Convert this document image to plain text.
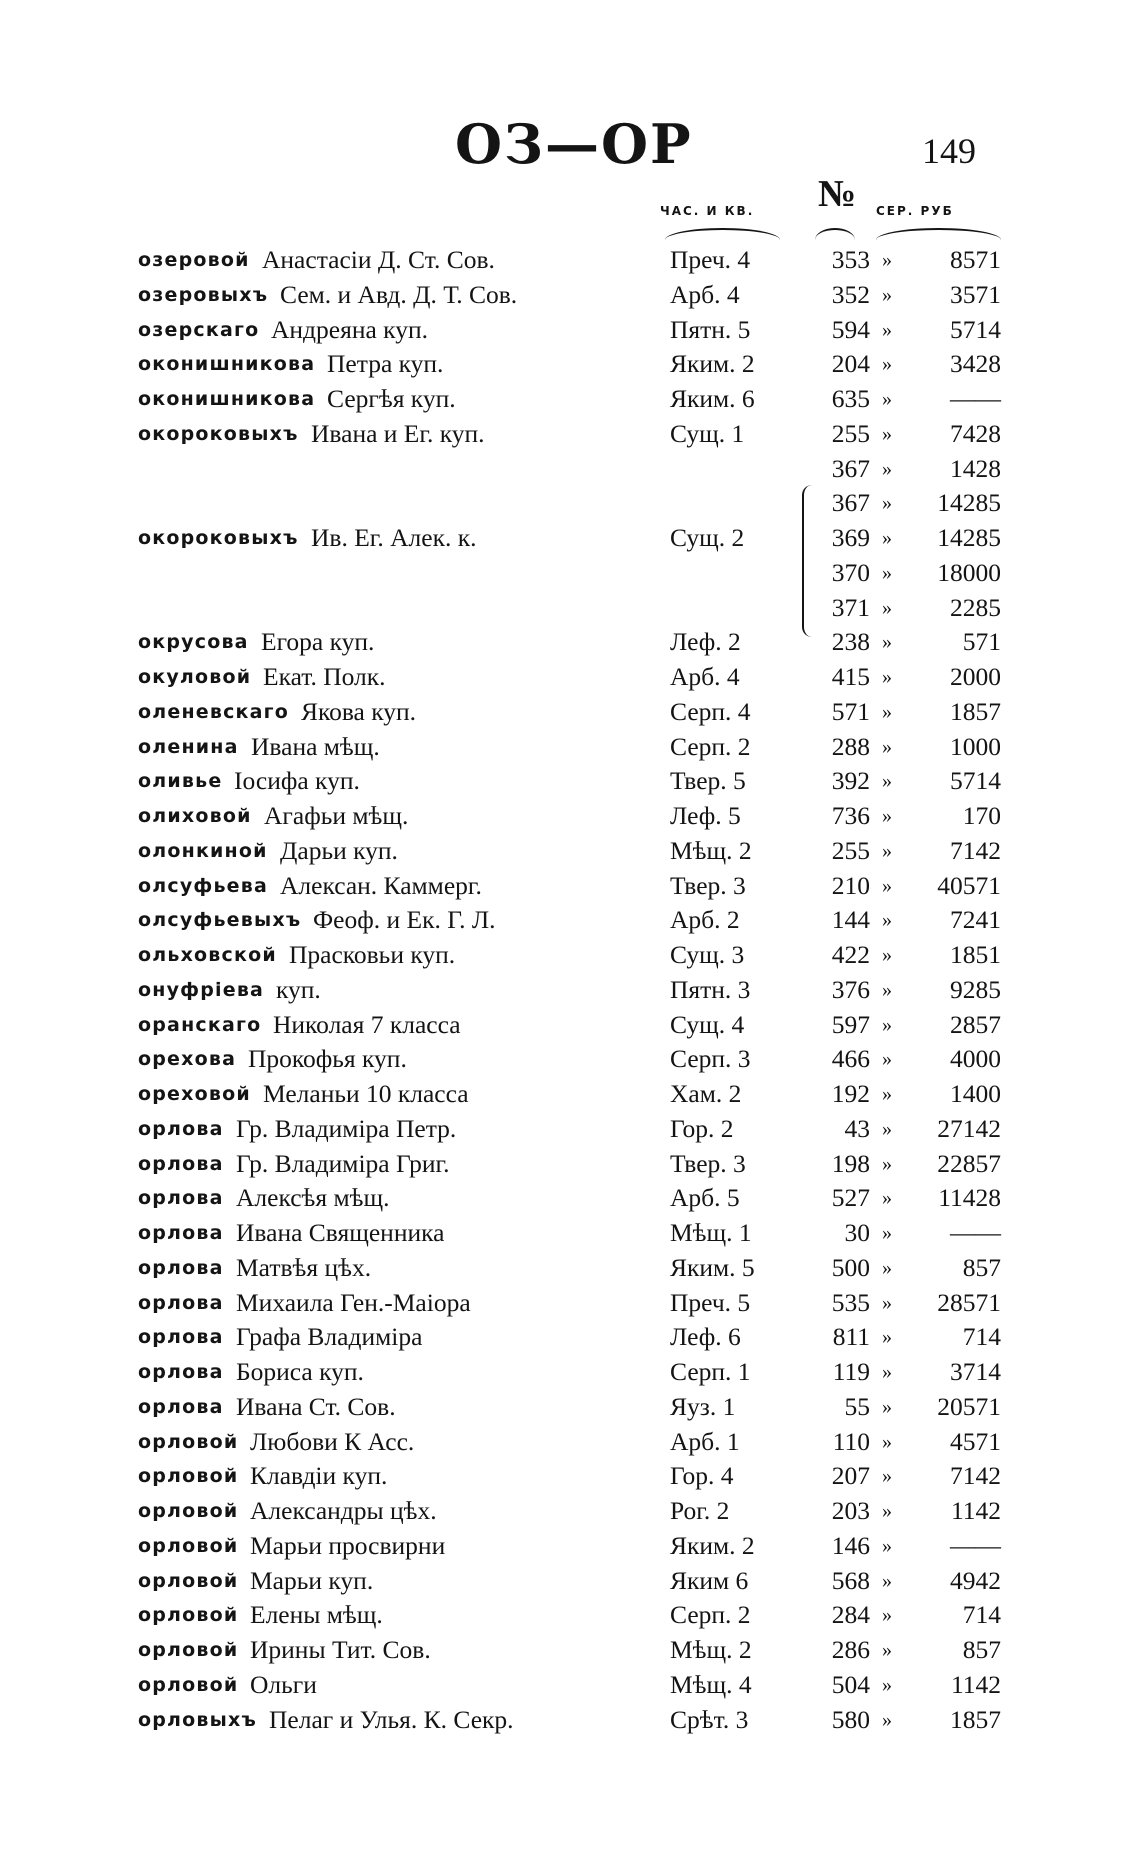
ОЗ—ОР	149
ЧАС. И КВ. № СЕР. РУБ
озеровой Анастасіи Д. Ст. Сов.	Преч. 4	353 »	8571
озеровыхъ Сем. и Авд. Д. Т. Сов.	Арб. 4	352 »	3571
озерскаго Андреяна куп.	Пятн. 5	594 »	5714
оконишникова Петра куп.	Яким. 2	204 »	3428
оконишникова Сергѣя куп.	Яким. 6	635 »	——
окороковыхъ Ивана и Ег. куп.	Сущ. 1	255 »	7428
367 »	1428
367 »	14285
окороковыхъ Ив. Ег. Алек. к.	Сущ. 2	369 »	14285
370 »	18000
371 »	2285
окрусова Егора куп.	Леф. 2	238 »	571
окуловой Екат. Полк.	Арб. 4	415 »	2000
оленевскаго Якова куп.	Серп. 4	571 »	1857
оленина Ивана мѣщ.	Серп. 2	288 »	1000
оливье Іосифа куп.	Твер. 5	392 »	5714
олиховой Агафьи мѣщ.	Леф. 5	736 »	170
олонкиной Дарьи куп.	Мѣщ. 2	255 »	7142
олсуфьева Алексан. Каммерг.	Твер. 3	210 »	40571
олсуфьевыхъ Феоф. и Ек. Г. Л.	Арб. 2	144 »	7241
ольховской Прасковьи куп.	Сущ. 3	422 »	1851
онуфріева куп.	Пятн. 3	376 »	9285
оранскаго Николая 7 класса	Сущ. 4	597 »	2857
орехова Прокофья куп.	Серп. 3	466 »	4000
ореховой Меланьи 10 класса	Хам. 2	192 »	1400
орлова Гр. Владиміра Петр.	Гор. 2	43 »	27142
орлова Гр. Владиміра Григ.	Твер. 3	198 »	22857
орлова Алексѣя мѣщ.	Арб. 5	527 »	11428
орлова Ивана Священника	Мѣщ. 1	30 »	——
орлова Матвѣя цѣх.	Яким. 5	500 »	857
орлова Михаила Ген.-Маіора	Преч. 5	535 »	28571
орлова Графа Владиміра	Леф. 6	811 »	714
орлова Бориса куп.	Серп. 1	119 »	3714
орлова Ивана Ст. Сов.	Яуз. 1	55 »	20571
орловой Любови К Асс.	Арб. 1	110 »	4571
орловой Клавдіи куп.	Гор. 4	207 »	7142
орловой Александры цѣх.	Рог. 2	203 »	1142
орловой Марьи просвирни	Яким. 2	146 »	——
орловой Марьи куп.	Яким 6	568 »	4942
орловой Елены мѣщ.	Серп. 2	284 »	714
орловой Ирины Тит. Сов.	Мѣщ. 2	286 »	857
орловой Ольги	Мѣщ. 4	504 »	1142
орловыхъ Пелаг и Улья. К. Секр.	Срѣт. 3	580 »	1857
